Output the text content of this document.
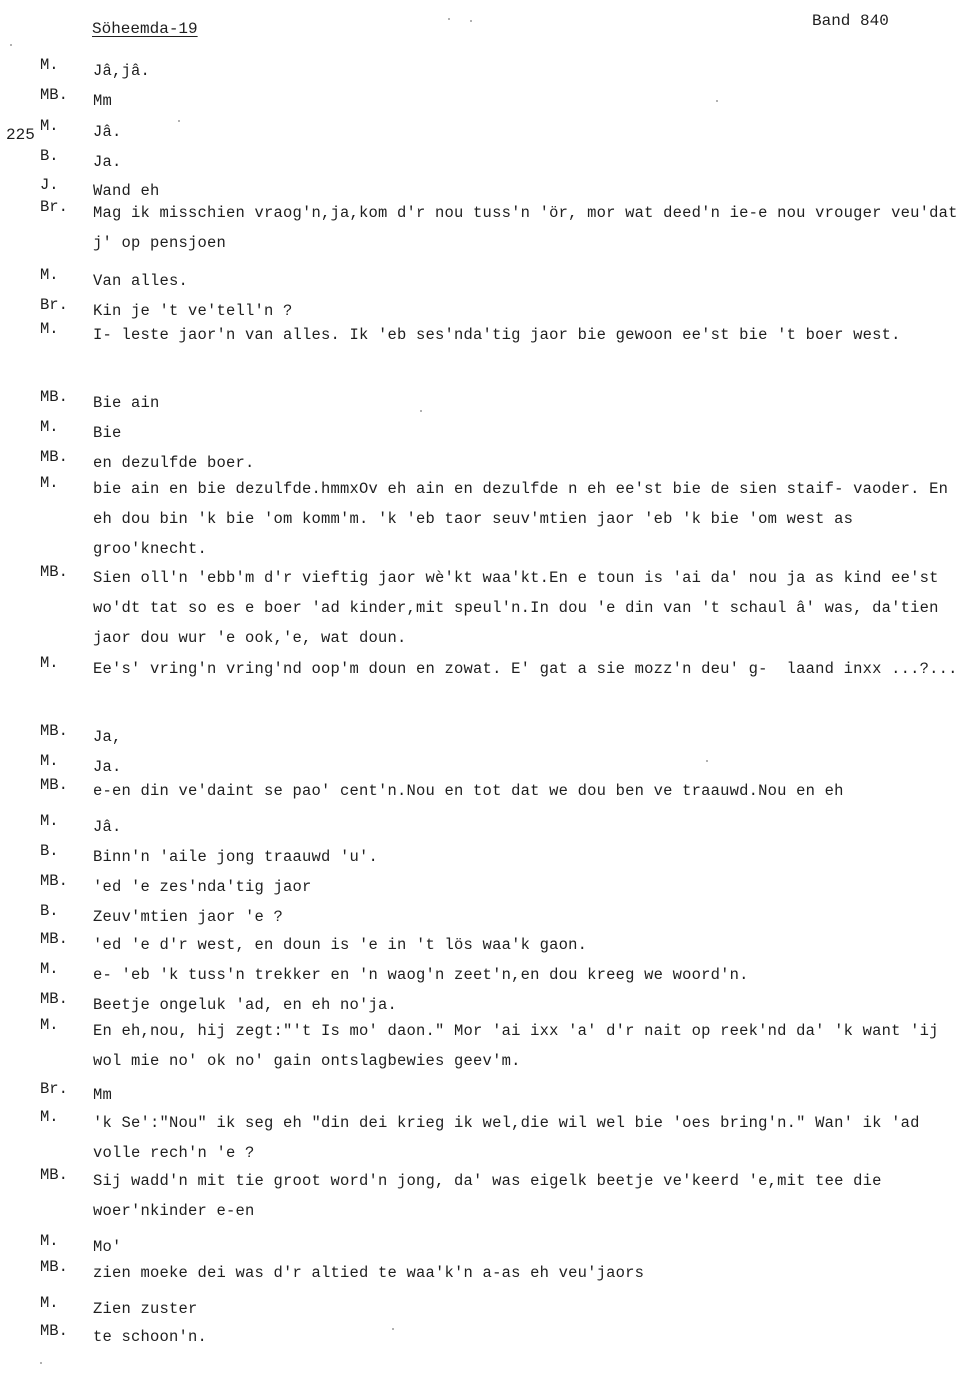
Söheemda-19	Band 840
225
M.	Jâ,jâ.
MB.	Mm
M.	Jâ.
B.	Ja.
J.	Wand eh
Br.	Mag ik misschien vraog'n,ja,kom d'r nou tuss'n 'ör, mor wat deed'n ie-e nou vrouger veu'dat j' op pensjoen
M.	Van alles.
Br.	Kin je 't ve'tell'n ?
M.	I- leste jaor'n van alles. Ik 'eb ses'nda'tig jaor bie gewoon ee'st bie 't boer west.
MB.	Bie ain
M.	Bie
MB.	en dezulfde boer.
M.	bie ain en bie dezulfde.hmmxOv eh ain en dezulfde n eh ee'st bie de sien staif- vaoder. En eh dou bin 'k bie 'om komm'm. 'k 'eb taor seuv'mtien jaor 'eb 'k bie 'om west as groo'knecht.
MB.	Sien oll'n 'ebb'm d'r vieftig jaor wè'kt waa'kt.En e toun is 'ai da' nou ja as kind ee'st wo'dt tat so es e boer 'ad kinder,mit speul'n.In dou 'e din van 't schaul â' was, da'tien jaor dou wur 'e ook,'e, wat doun.
M.	Ee's' vring'n vring'nd oop'm doun en zowat. E' gat a sie mozz'n deu' g-  laand inxx ...?...
MB.	Ja,
M.	Ja.
MB.	e-en din ve'daint se pao' cent'n.Nou en tot dat we dou ben ve traauwd.Nou en eh
M.	Jâ.
B.	Binn'n 'aile jong traauwd 'u'.
MB.	'ed 'e zes'nda'tig jaor
B.	Zeuv'mtien jaor 'e ?
MB.	'ed 'e d'r west, en doun is 'e in 't lös waa'k gaon.
M.	e- 'eb 'k tuss'n trekker en 'n waog'n zeet'n,en dou kreeg we woord'n.
MB.	Beetje ongeluk 'ad, en eh no'ja.
M.	En eh,nou, hij zegt:"'t Is mo' daon." Mor 'ai ixx 'a' d'r nait op reek'nd da' 'k want 'ij wol mie no' ok no' gain ontslagbewies geev'm.
Br.	Mm
M.	'k Se':"Nou" ik seg eh "din dei krieg ik wel,die wil wel bie 'oes bring'n." Wan' ik 'ad volle rech'n 'e ?
MB.	Sij wadd'n mit tie groot word'n jong, da' was eigelk beetje ve'keerd 'e,mit tee die woer'nkinder e-en
M.	Mo'
MB.	zien moeke dei was d'r altied te waa'k'n a-as eh veu'jaors
M.	Zien zuster
MB.	te schoon'n.
